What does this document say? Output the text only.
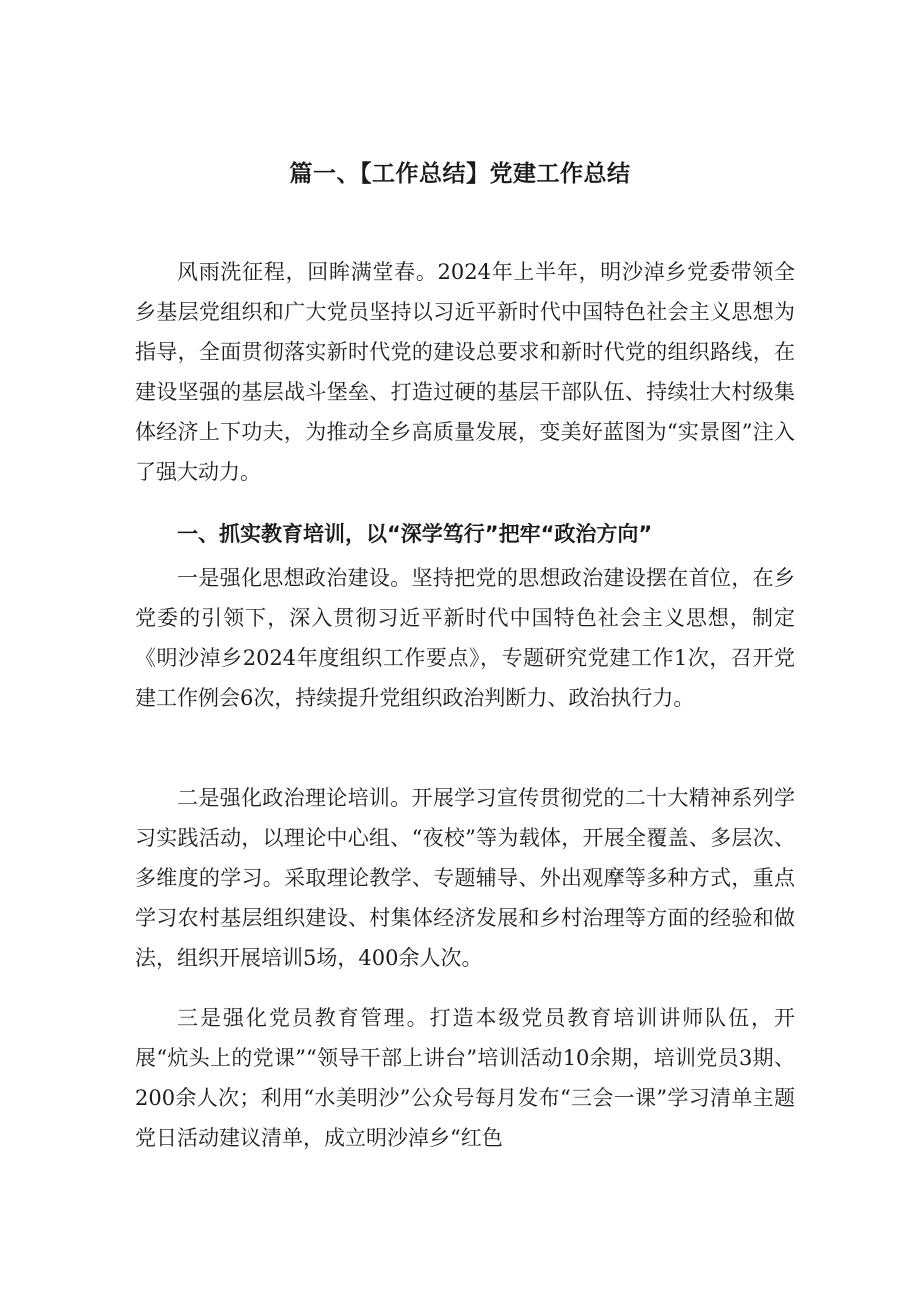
篇一、【工作总结】党建工作总结

风雨洗征程，回眸满堂春。2024年上半年，明沙淖乡党委带领全乡基层党组织和广大党员坚持以习近平新时代中国特色社会主义思想为指导，全面贯彻落实新时代党的建设总要求和新时代党的组织路线，在建设坚强的基层战斗堡垒、打造过硬的基层干部队伍、持续壮大村级集体经济上下功夫，为推动全乡高质量发展，变美好蓝图为“实景图”注入了强大动力。

一、抓实教育培训，以“深学笃行”把牢“政治方向”

一是强化思想政治建设。坚持把党的思想政治建设摆在首位，在乡党委的引领下，深入贯彻习近平新时代中国特色社会主义思想，制定《明沙淖乡2024年度组织工作要点》，专题研究党建工作1次，召开党建工作例会6次，持续提升党组织政治判断力、政治执行力。

二是强化政治理论培训。开展学习宣传贯彻党的二十大精神系列学习实践活动，以理论中心组、“夜校”等为载体，开展全覆盖、多层次、多维度的学习。采取理论教学、专题辅导、外出观摩等多种方式，重点学习农村基层组织建设、村集体经济发展和乡村治理等方面的经验和做法，组织开展培训5场，400余人次。

三是强化党员教育管理。打造本级党员教育培训讲师队伍，开展“炕头上的党课”“领导干部上讲台”培训活动10余期，培训党员3期、200余人次；利用“水美明沙”公众号每月发布“三会一课”学习清单主题党日活动建议清单，成立明沙淖乡“红色
